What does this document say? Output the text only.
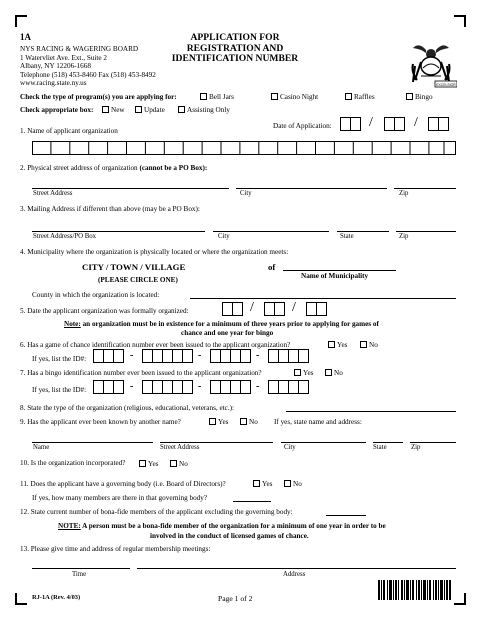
1A
NYS RACING & WAGERING BOARD
1 Watervliet Ave. Ext., Suite 2
Albany, NY 12206-1668
Telephone (518) 453-8460 Fax (518) 453-8492
www.racing.state.ny.us
APPLICATION FOR
REGISTRATION AND
IDENTIFICATION NUMBER
EXCELSIOR
Check the type of program(s) you are applying for:	Bell Jars	Casino Night	Raffles	Bingo
Check appropriate box:	New	Update	Assisting Only
Date of Application:	/	/
1. Name of applicant organization
2. Physical street address of organization (cannot be a PO Box):
Street Address	City	Zip
3. Mailing Address if different than above (may be a PO Box):
Street Address/PO Box	City	State	Zip
4. Municipality where the organization is physically located or where the organization meets:
CITY / TOWN / VILLAGE	of
(PLEASE CIRCLE ONE)	Name of Municipality
County in which the organization is located:
5. Date the applicant organization was formally organized:	/	/
Note: an organization must be in existence for a minimum of three years prior to applying for games of
chance and one year for bingo
6. Has a game of chance identification number ever been issued to the applicant organization?	Yes	No
If yes, list the ID#:	-	-	-
7. Has a bingo identification number ever been issued to the applicant organization?	Yes	No
If yes, list the ID#:	-	-	-
8. State the type of the organization (religious, educational, veterans, etc.):
9. Has the applicant ever been known by another name?	Yes	No If yes, state name and address:
Name	Street Address	City	State	Zip
10. Is the organization incorporated?	Yes	No
11. Does the applicant have a governing body (i.e. Board of Directors)?	Yes	No
If yes, how many members are there in that governing body?
12. State current number of bona-fide members of the applicant excluding the governing body:
NOTE: A person must be a bona-fide member of the organization for a minimum of one year in order to be
involved in the conduct of licensed games of chance.
13. Please give time and address of regular membership meetings:
Time	Address
RJ-1A (Rev. 4/03)	Page 1 of 2
